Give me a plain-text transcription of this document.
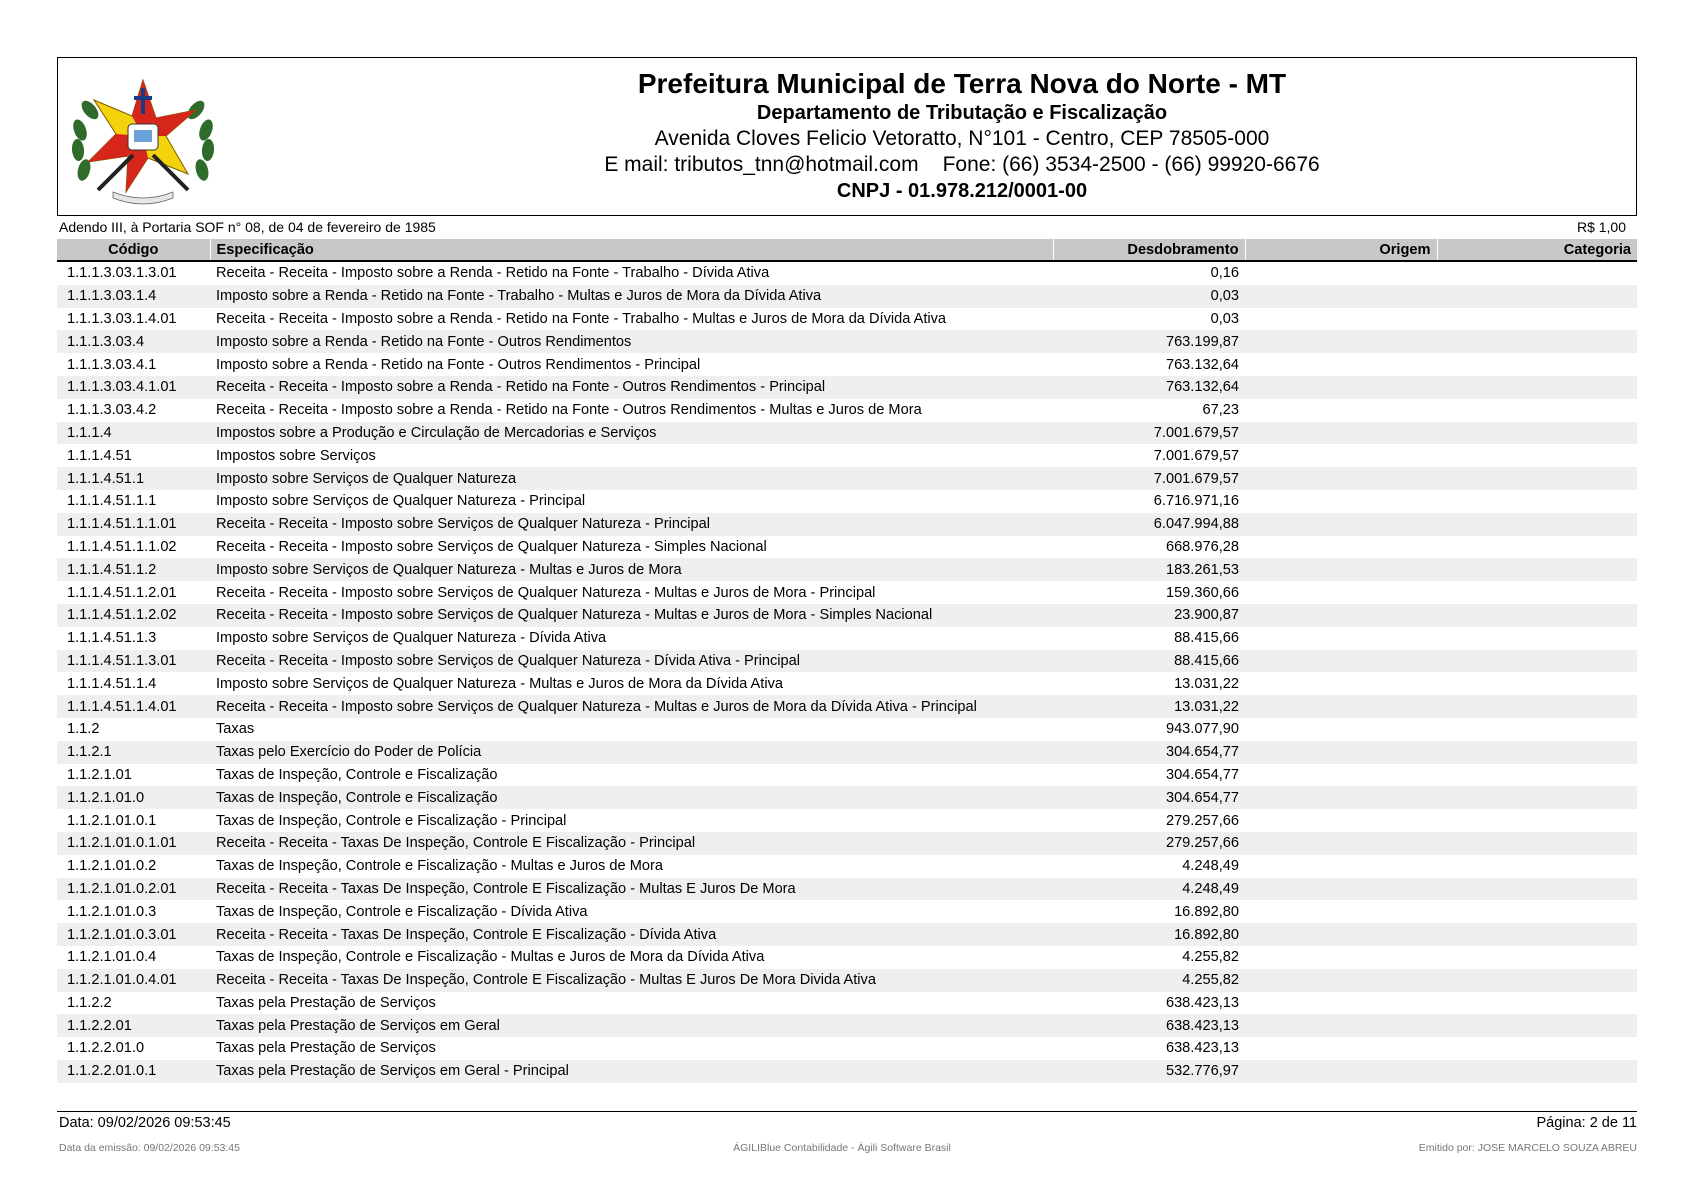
Prefeitura Municipal de Terra Nova do Norte - MT
Departamento de Tributação e Fiscalização
Avenida Cloves Felicio Vetoratto, N°101 - Centro, CEP 78505-000
E mail: tributos_tnn@hotmail.com Fone: (66) 3534-2500 - (66) 99920-6676
CNPJ - 01.978.212/0001-00
Adendo III, à Portaria SOF n° 08, de 04 de fevereiro de 1985	R$ 1,00
Código	Especificação	Desdobramento	Origem	Categoria
1.1.1.3.03.1.3.01	Receita - Receita - Imposto sobre a Renda - Retido na Fonte - Trabalho - Dívida Ativa	0,16		
1.1.1.3.03.1.4	Imposto sobre a Renda - Retido na Fonte - Trabalho - Multas e Juros de Mora da Dívida Ativa	0,03		
1.1.1.3.03.1.4.01	Receita - Receita - Imposto sobre a Renda - Retido na Fonte - Trabalho - Multas e Juros de Mora da Dívida Ativa	0,03		
1.1.1.3.03.4	Imposto sobre a Renda - Retido na Fonte - Outros Rendimentos	763.199,87		
1.1.1.3.03.4.1	Imposto sobre a Renda - Retido na Fonte - Outros Rendimentos - Principal	763.132,64		
1.1.1.3.03.4.1.01	Receita - Receita - Imposto sobre a Renda - Retido na Fonte - Outros Rendimentos - Principal	763.132,64		
1.1.1.3.03.4.2	Receita - Receita - Imposto sobre a Renda - Retido na Fonte - Outros Rendimentos - Multas e Juros de Mora	67,23		
1.1.1.4	Impostos sobre a Produção e Circulação de Mercadorias e Serviços	7.001.679,57		
1.1.1.4.51	Impostos sobre Serviços	7.001.679,57		
1.1.1.4.51.1	Imposto sobre Serviços de Qualquer Natureza	7.001.679,57		
1.1.1.4.51.1.1	Imposto sobre Serviços de Qualquer Natureza - Principal	6.716.971,16		
1.1.1.4.51.1.1.01	Receita - Receita - Imposto sobre Serviços de Qualquer Natureza - Principal	6.047.994,88		
1.1.1.4.51.1.1.02	Receita - Receita - Imposto sobre Serviços de Qualquer Natureza - Simples Nacional	668.976,28		
1.1.1.4.51.1.2	Imposto sobre Serviços de Qualquer Natureza - Multas e Juros de Mora	183.261,53		
1.1.1.4.51.1.2.01	Receita - Receita - Imposto sobre Serviços de Qualquer Natureza - Multas e Juros de Mora - Principal	159.360,66		
1.1.1.4.51.1.2.02	Receita - Receita - Imposto sobre Serviços de Qualquer Natureza - Multas e Juros de Mora - Simples Nacional	23.900,87		
1.1.1.4.51.1.3	Imposto sobre Serviços de Qualquer Natureza - Dívida Ativa	88.415,66		
1.1.1.4.51.1.3.01	Receita - Receita - Imposto sobre Serviços de Qualquer Natureza - Dívida Ativa - Principal	88.415,66		
1.1.1.4.51.1.4	Imposto sobre Serviços de Qualquer Natureza - Multas e Juros de Mora da Dívida Ativa	13.031,22		
1.1.1.4.51.1.4.01	Receita - Receita - Imposto sobre Serviços de Qualquer Natureza - Multas e Juros de Mora da Dívida Ativa - Principal	13.031,22		
1.1.2	Taxas	943.077,90		
1.1.2.1	Taxas pelo Exercício do Poder de Polícia	304.654,77		
1.1.2.1.01	Taxas de Inspeção, Controle e Fiscalização	304.654,77		
1.1.2.1.01.0	Taxas de Inspeção, Controle e Fiscalização	304.654,77		
1.1.2.1.01.0.1	Taxas de Inspeção, Controle e Fiscalização - Principal	279.257,66		
1.1.2.1.01.0.1.01	Receita - Receita - Taxas De Inspeção, Controle E Fiscalização - Principal	279.257,66		
1.1.2.1.01.0.2	Taxas de Inspeção, Controle e Fiscalização - Multas e Juros de Mora	4.248,49		
1.1.2.1.01.0.2.01	Receita - Receita - Taxas De Inspeção, Controle E Fiscalização - Multas E Juros De Mora	4.248,49		
1.1.2.1.01.0.3	Taxas de Inspeção, Controle e Fiscalização - Dívida Ativa	16.892,80		
1.1.2.1.01.0.3.01	Receita - Receita - Taxas De Inspeção, Controle E Fiscalização - Dívida Ativa	16.892,80		
1.1.2.1.01.0.4	Taxas de Inspeção, Controle e Fiscalização - Multas e Juros de Mora da Dívida Ativa	4.255,82		
1.1.2.1.01.0.4.01	Receita - Receita - Taxas De Inspeção, Controle E Fiscalização - Multas E Juros De Mora Divida Ativa	4.255,82		
1.1.2.2	Taxas pela Prestação de Serviços	638.423,13		
1.1.2.2.01	Taxas pela Prestação de Serviços em Geral	638.423,13		
1.1.2.2.01.0	Taxas pela Prestação de Serviços	638.423,13		
1.1.2.2.01.0.1	Taxas pela Prestação de Serviços em Geral - Principal	532.776,97		
Data: 09/02/2026 09:53:45	Página: 2 de 11
Data da emissão: 09/02/2026 09:53:45	ÁGILIBlue Contabilidade - Ágili Software Brasil	Emitido por: JOSE MARCELO SOUZA ABREU
